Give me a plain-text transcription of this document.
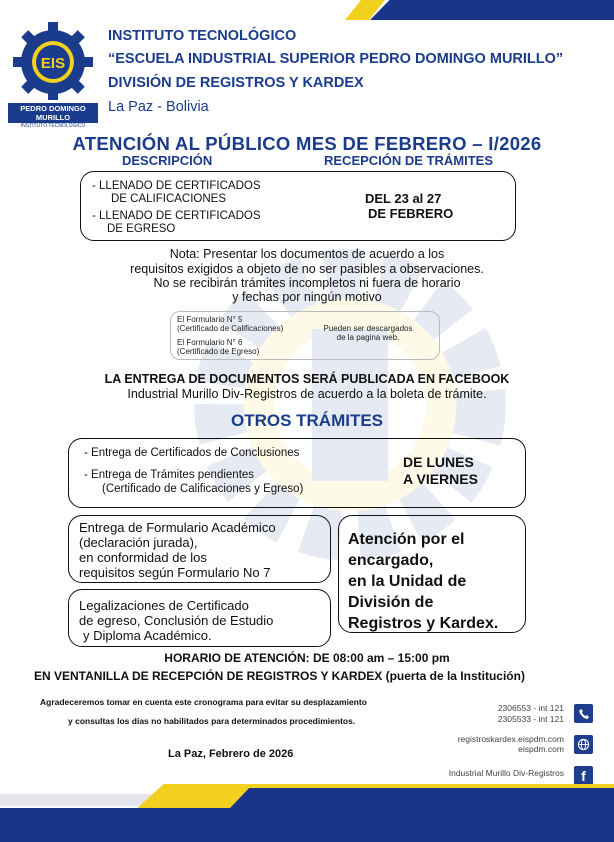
EIS
PEDRO DOMINGO MURILLO
INSTITUTO TECNOLÓGICO
INSTITUTO TECNOLÓGICO
“ESCUELA INDUSTRIAL SUPERIOR PEDRO DOMINGO MURILLO”
DIVISIÓN DE REGISTROS Y KARDEX
La Paz - Bolivia
ATENCIÓN AL PÚBLICO MES DE FEBRERO – I/2026
DESCRIPCIÓN	RECEPCIÓN DE TRÁMITES
- LLENADO DE CERTIFICADOS
DE CALIFICACIONES
- LLENADO DE CERTIFICADOS
DE EGRESO
DEL 23 al 27
DE FEBRERO
Nota: Presentar los documentos de acuerdo a los
requisitos exigidos a objeto de no ser pasibles a observaciones.
No se recibirán trámites incompletos ni fuera de horario
y fechas por ningún motivo
El Formulario N° 5
(Certificado de Calificaciones)
El Formulario N° 6
(Certificado de Egreso)
Pueden ser descargados
de la pagina web.
LA ENTREGA DE DOCUMENTOS SERÁ PUBLICADA EN FACEBOOK
Industrial Murillo Div-Registros de acuerdo a la boleta de trámite.
OTROS TRÁMITES
- Entrega de Certificados de Conclusiones
- Entrega de Trámites pendientes
(Certificado de Calificaciones y Egreso)
DE LUNES
A VIERNES
Entrega de Formulario Académico
(declaración jurada),
en conformidad de los
requisitos según Formulario No 7
Legalizaciones de Certificado
de egreso, Conclusión de Estudio
y Diploma Académico.
Atención por el
encargado,
en la Unidad de
División de
Registros y Kardex.
HORARIO DE ATENCIÓN: DE 08:00 am – 15:00 pm
EN VENTANILLA DE RECEPCIÓN DE REGISTROS Y KARDEX (puerta de la Institución)
Agradeceremos tomar en cuenta este cronograma para evitar su desplazamiento
y consultas los días no habilitados para determinados procedimientos.
La Paz, Febrero de 2026
2306553 - int 121
2305533 - int 121
registroskardex.eispdm.com
eispdm.com
Industrial Murillo Div-Registros f
